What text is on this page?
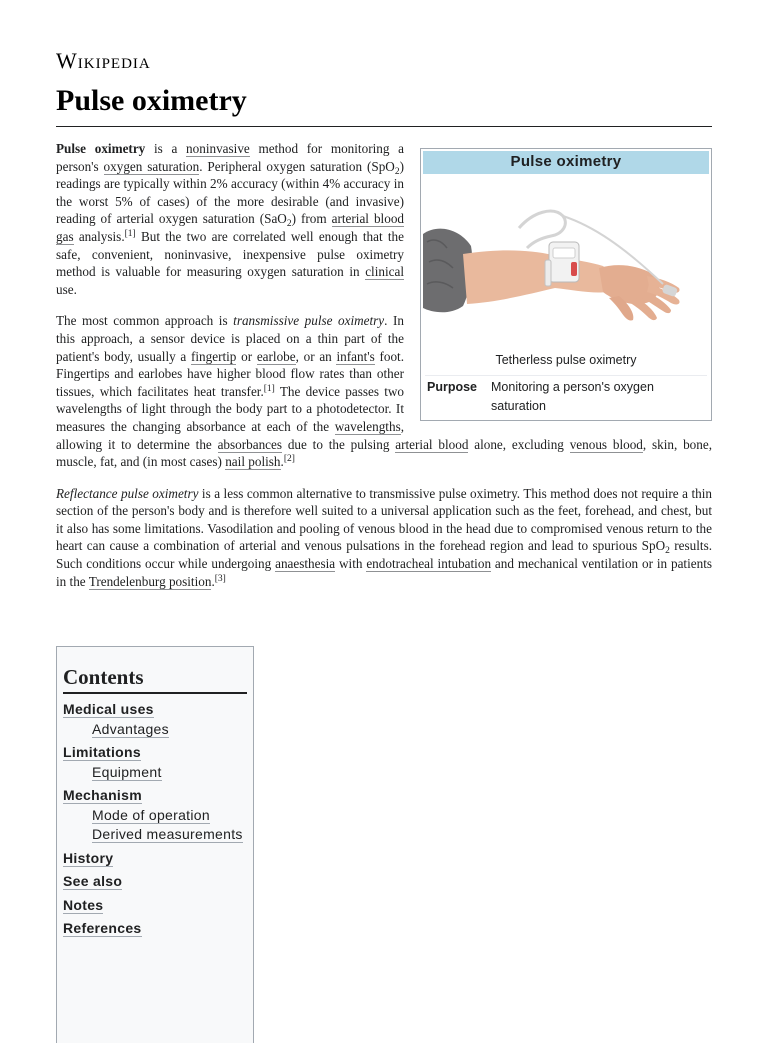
Wikipedia
Pulse oximetry
Pulse oximetry
Tetherless pulse oximetry
Purpose	Monitoring a person's oxygen saturation

Pulse oximetry is a noninvasive method for monitoring a person's oxygen saturation. Peripheral oxygen saturation (SpO$_2$) readings are typically within 2% accuracy (within 4% accuracy in the worst 5% of cases) of the more desirable (and invasive) reading of arterial oxygen saturation (SaO$_2$) from arterial blood gas analysis.[1] But the two are correlated well enough that the safe, convenient, noninvasive, inexpensive pulse oximetry method is valuable for measuring oxygen saturation in clinical use.

The most common approach is transmissive pulse oximetry. In this approach, a sensor device is placed on a thin part of the patient's body, usually a fingertip or earlobe, or an infant's foot. Fingertips and earlobes have higher blood flow rates than other tissues, which facilitates heat transfer.[1] The device passes two wavelengths of light through the body part to a photodetector. It measures the changing absorbance at each of the wavelengths, allowing it to determine the absorbances due to the pulsing arterial blood alone, excluding venous blood, skin, bone, muscle, fat, and (in most cases) nail polish.[2]

Reflectance pulse oximetry is a less common alternative to transmissive pulse oximetry. This method does not require a thin section of the person's body and is therefore well suited to a universal application such as the feet, forehead, and chest, but it also has some limitations. Vasodilation and pooling of venous blood in the head due to compromised venous return to the heart can cause a combination of arterial and venous pulsations in the forehead region and lead to spurious SpO$_2$ results. Such conditions occur while undergoing anaesthesia with endotracheal intubation and mechanical ventilation or in patients in the Trendelenburg position.[3]

Contents
Medical uses
Advantages
Limitations
Equipment
Mechanism
Mode of operation
Derived measurements
History
See also
Notes
References
